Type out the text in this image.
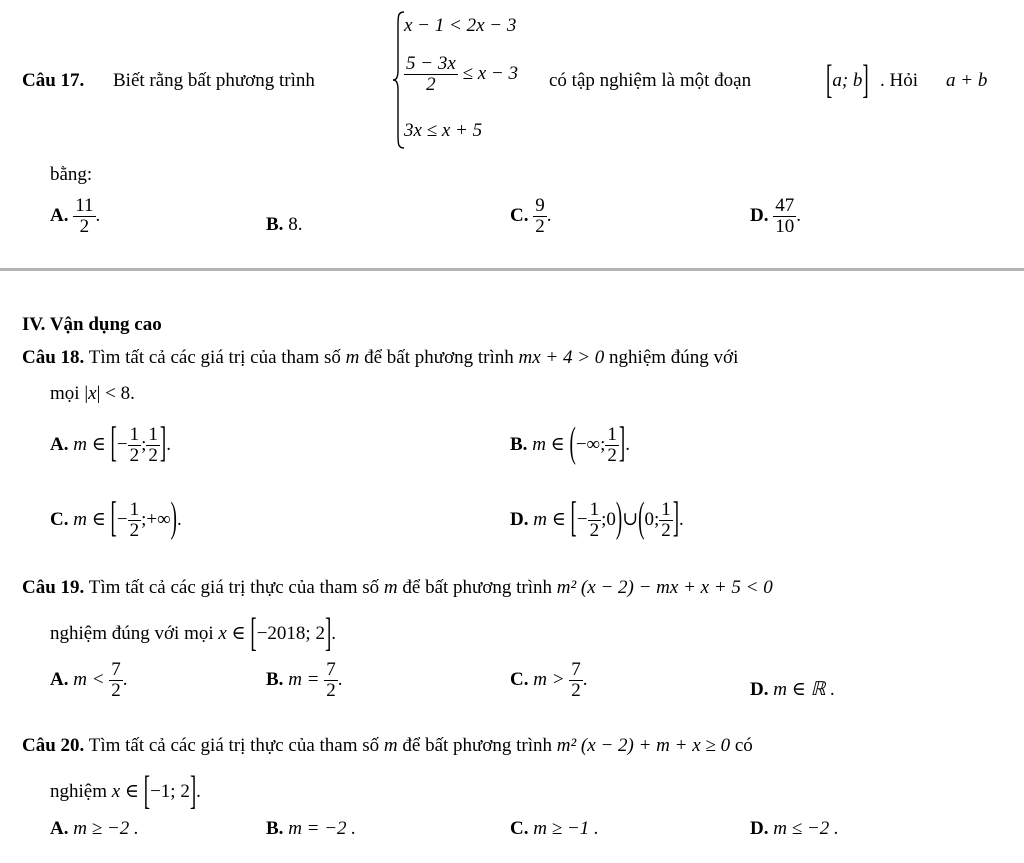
Câu 17. Biết rằng bất phương trình
x − 1 < 2x − 3
$\frac{5 - 3x}{2} \le x - 3$
3x ≤ x + 5
có tập nghiệm là một đoạn	[a; b] . Hỏi a + b
bằng:
A. $\frac{11}{2}$ .	B. 8.	C. $\frac{9}{2}$ .	D. $\frac{47}{10}$ .
IV. Vận dụng cao
Câu 18. Tìm tất cả các giá trị của tham số m để bất phương trình mx + 4 > 0 nghiệm đúng với
mọi |x| < 8.
A. m ∈ [− $\frac{1}{2}$ ; $\frac{1}{2}$ ].	B. m ∈ (−∞; $\frac{1}{2}$ ].
C. m ∈ [− $\frac{1}{2}$ ;+∞).	D. m ∈ [− $\frac{1}{2}$ ;0)∪(0; $\frac{1}{2}$ ].
Câu 19. Tìm tất cả các giá trị thực của tham số m để bất phương trình m² (x − 2) − mx + x + 5 < 0
nghiệm đúng với mọi x ∈ [−2018; 2].
A. $m < \frac{7}{2}$ .	B. $m = \frac{7}{2}$ .	C. $m > \frac{7}{2}$ .	D. m ∈ ℝ .
Câu 20. Tìm tất cả các giá trị thực của tham số m để bất phương trình m² (x − 2) + m + x ≥ 0 có
nghiệm x ∈ [−1; 2].
A. m ≥ −2 .	B. m = −2 .	C. m ≥ −1 .	D. m ≤ −2 .
